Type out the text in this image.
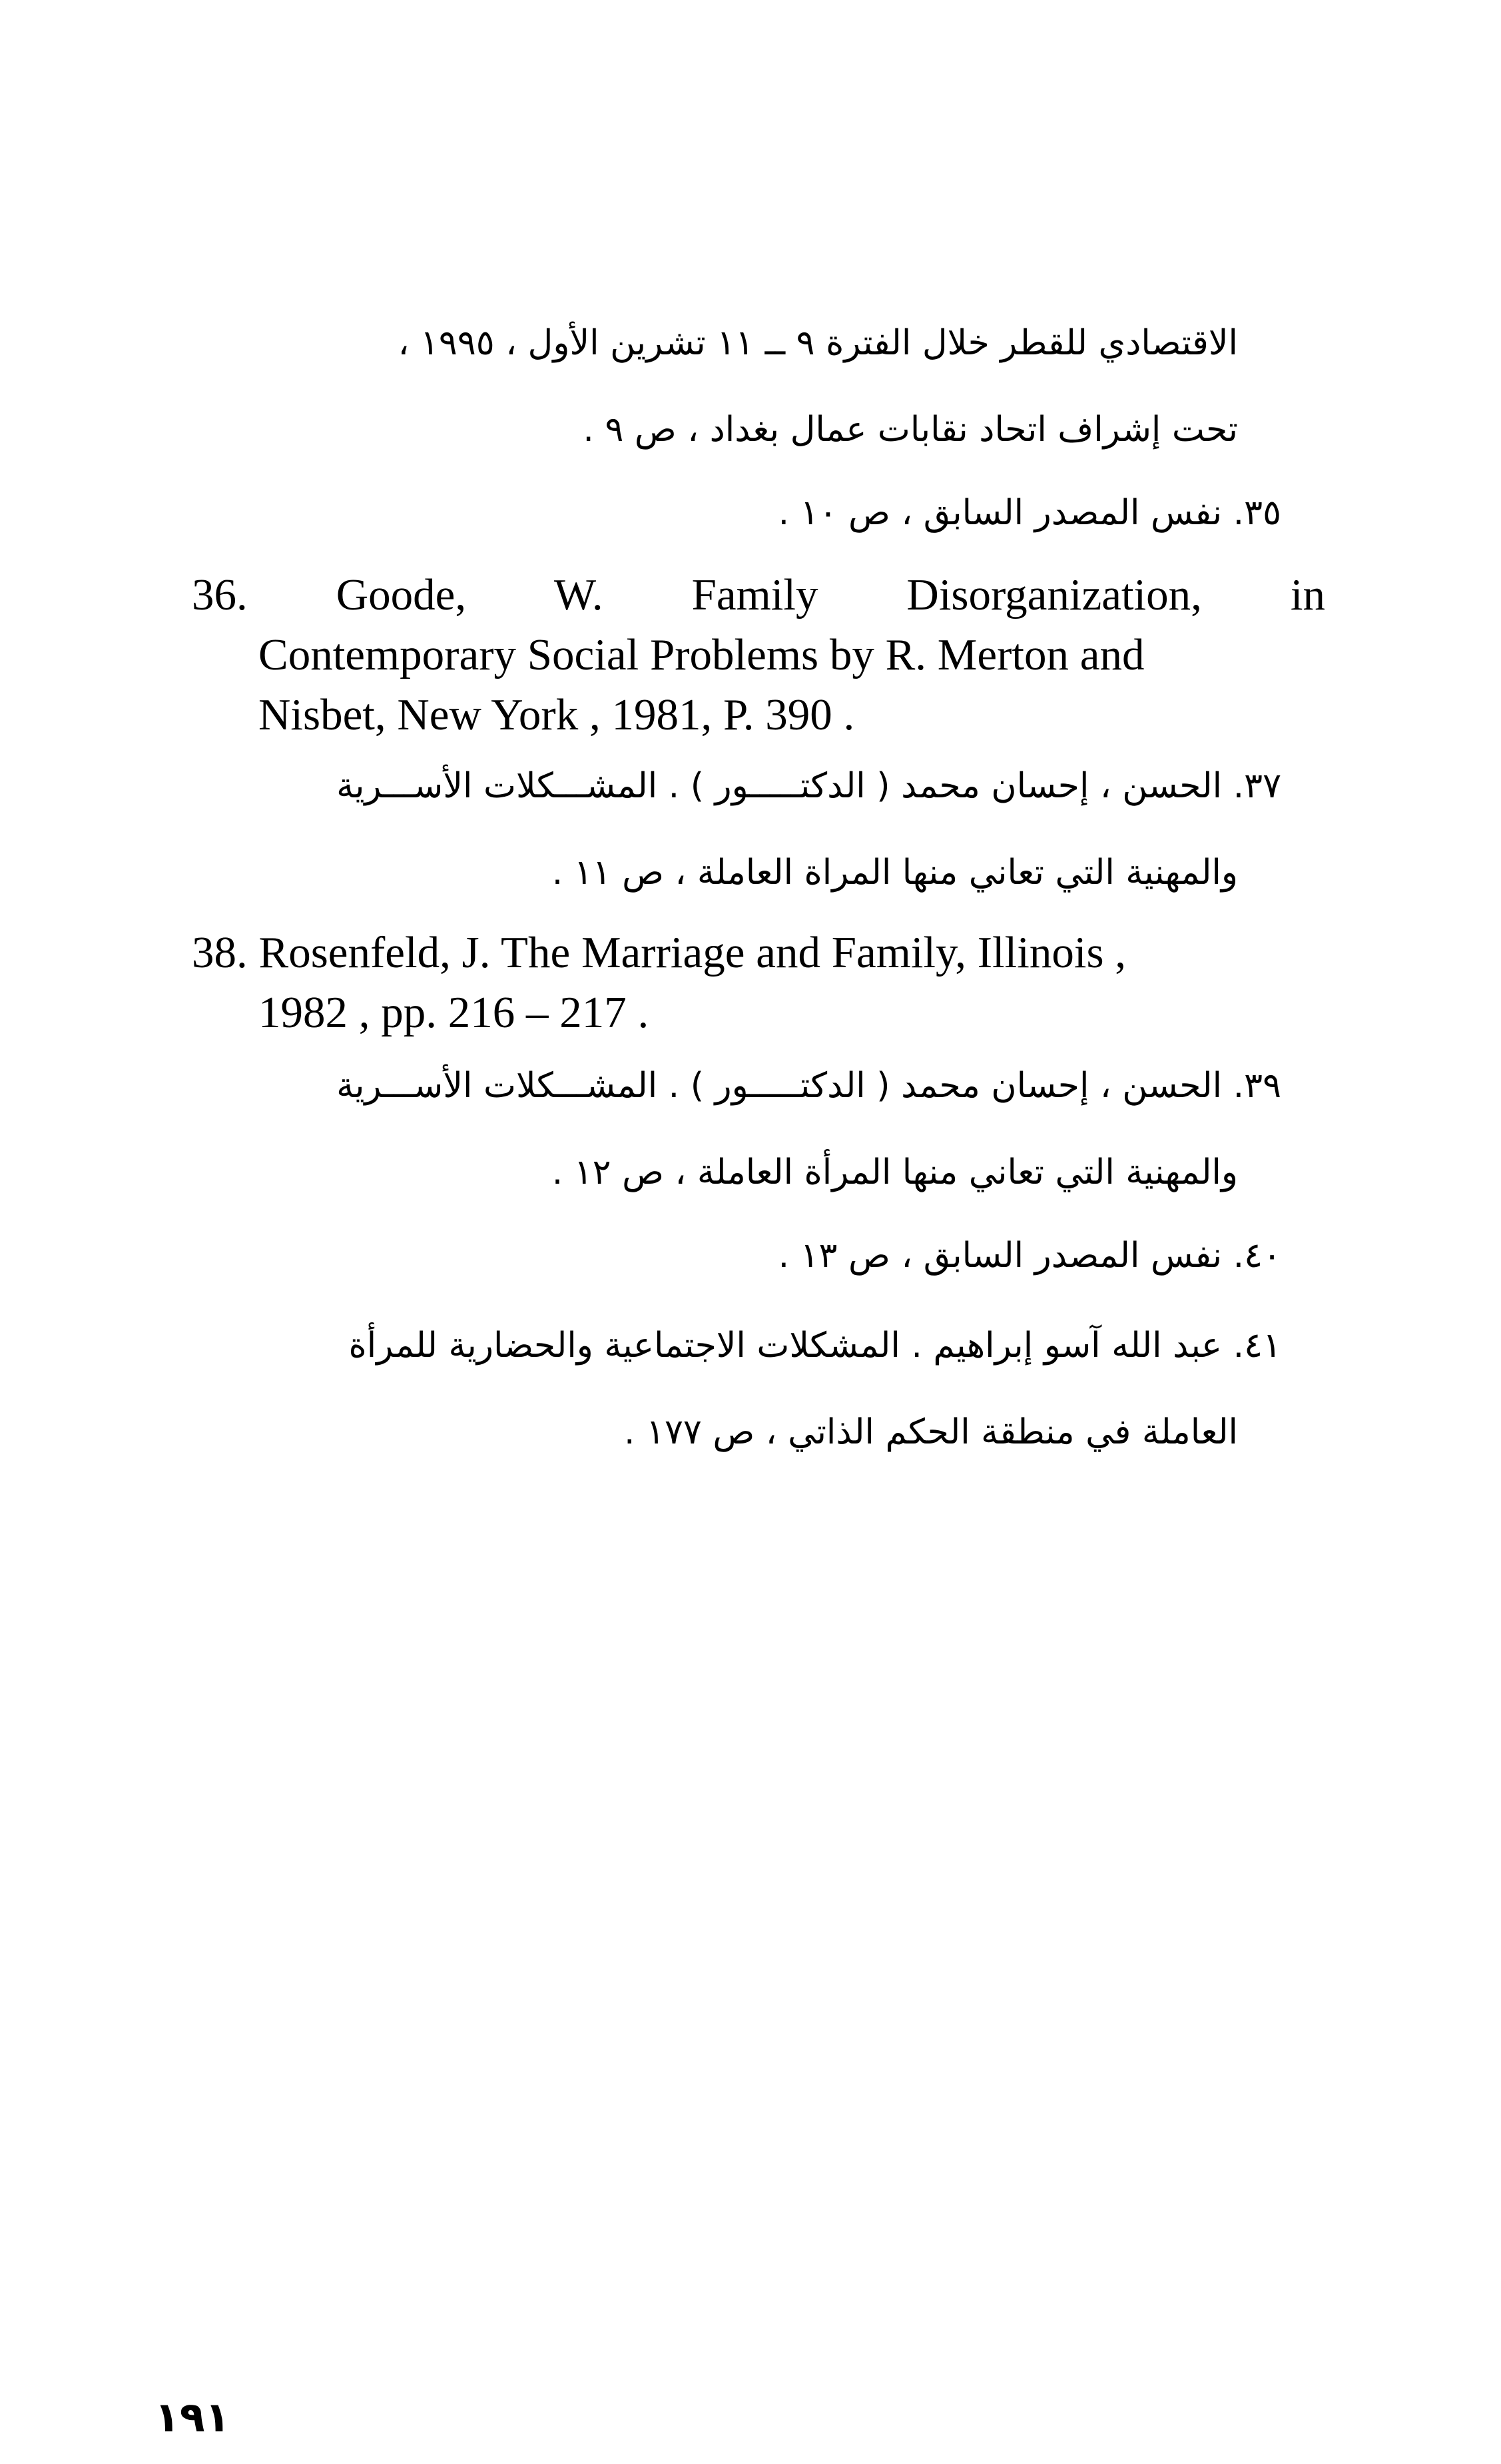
الاقتصادي للقطر خلال الفترة ٩ ــ ١١ تشرين الأول ، ١٩٩٥ ،
تحت إشراف اتحاد نقابات عمال بغداد ، ص ٩ .
٣٥. نفس المصدر السابق ، ص ١٠ .
36. Goode, W. Family Disorganization, in
Contemporary Social Problems by R. Merton and
Nisbet, New York , 1981, P. 390 .
٣٧. الحسن ، إحسان محمد ( الدكتـــــور ) . المشـــكلات الأســـرية
والمهنية التي تعاني منها المراة العاملة ، ص ١١ .
38. Rosenfeld, J. The Marriage and Family, Illinois ,
1982 , pp. 216 – 217 .
٣٩. الحسن ، إحسان محمد ( الدكتـــــور ) . المشـــكلات الأســـرية
والمهنية التي تعاني منها المرأة العاملة ، ص ١٢ .
٤٠. نفس المصدر السابق ، ص ١٣ .
٤١. عبد الله آسو إبراهيم . المشكلات الاجتماعية والحضارية للمرأة
العاملة في منطقة الحكم الذاتي ، ص ١٧٧ .
١٩١
